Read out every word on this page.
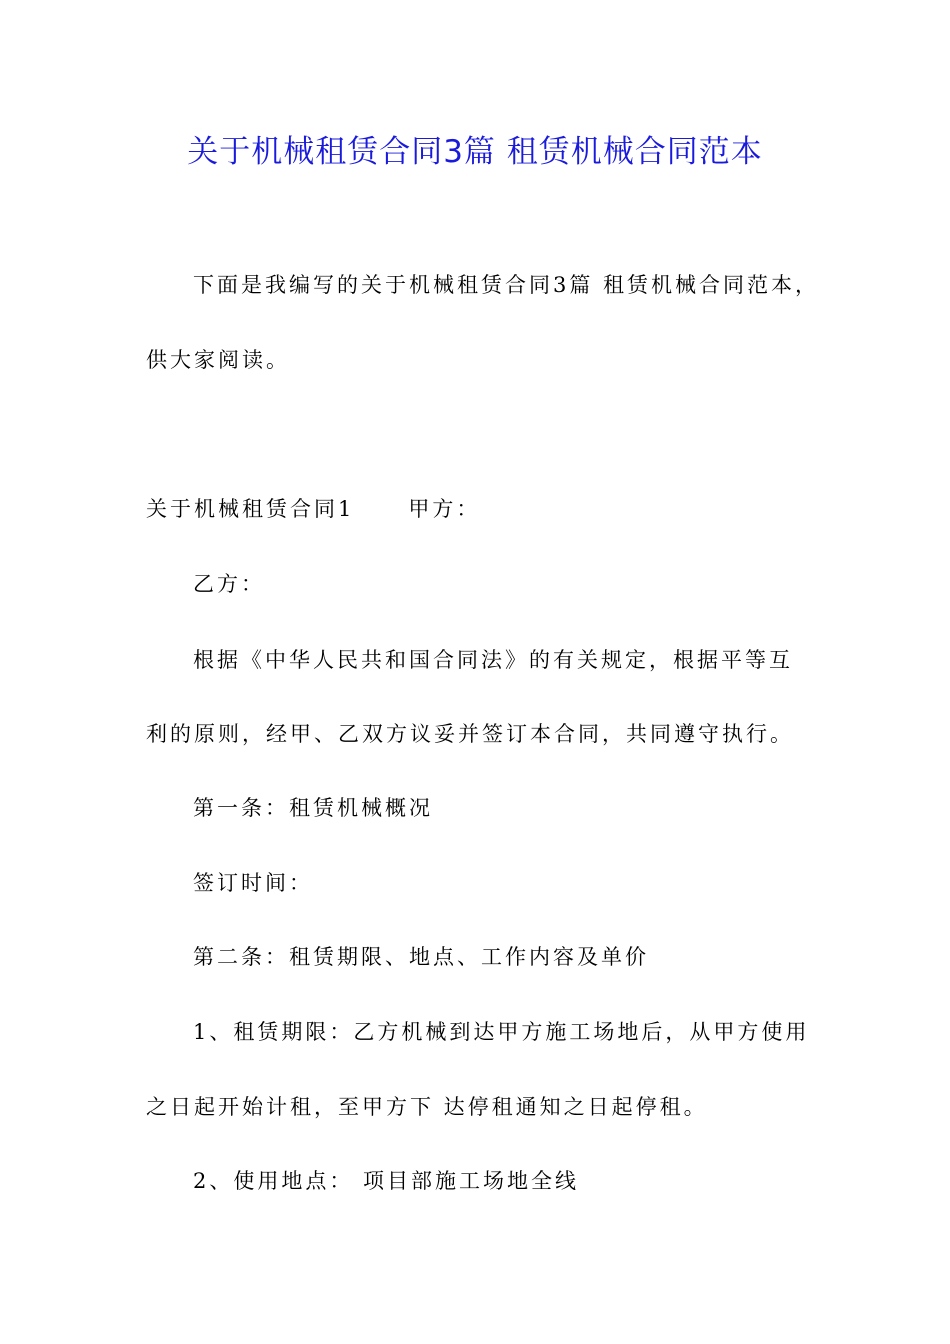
关于机械租赁合同3篇 租赁机械合同范本
下面是我编写的关于机械租赁合同3篇 租赁机械合同范本，
供大家阅读。
关于机械租赁合同1	甲方：
乙方：
根据《中华人民共和国合同法》的有关规定，根据平等互
利的原则，经甲、乙双方议妥并签订本合同，共同遵守执行。
第一条：租赁机械概况
签订时间：
第二条：租赁期限、地点、工作内容及单价
1、租赁期限：乙方机械到达甲方施工场地后，从甲方使用
之日起开始计租，至甲方下 达停租通知之日起停租。
2、使用地点： 项目部施工场地全线
